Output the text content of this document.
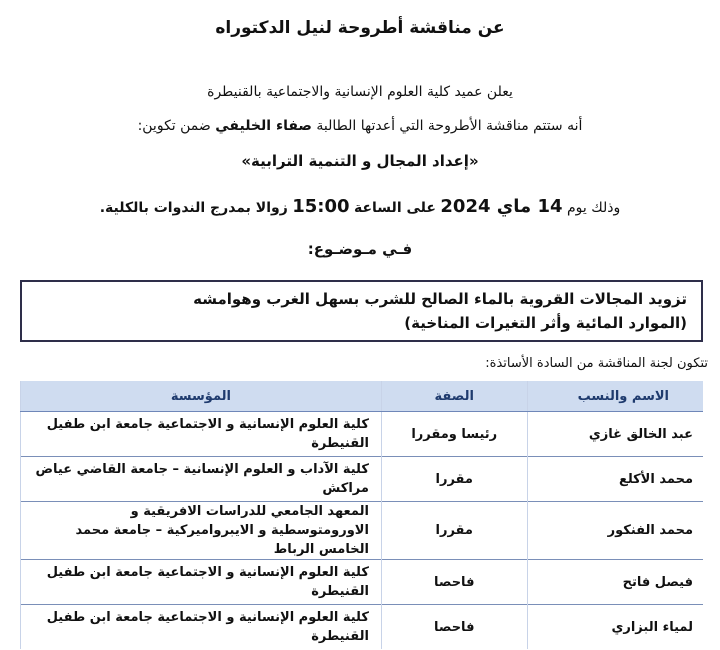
عن مناقشة أطروحة لنيل الدكتوراه
يعلن عميد كلية العلوم الإنسانية والاجتماعية بالقنيطرة
أنه ستتم مناقشة الأطروحة التي أعدتها الطالبة صفاء الخليفي ضمن تكوين:
«إعداد المجال و التنمية الترابية»
وذلك يوم 14 ماي 2024 على الساعة 15:00 زوالا بمدرج الندوات بالكلية.
فـي مـوضـوع:
تزويد المجالات القروية بالماء الصالح للشرب بسهل الغرب وهوامشه
(الموارد المائية وأثر التغيرات المناخية)
تتكون لجنة المناقشة من السادة الأساتذة:
الاسم والنسب	الصفة	المؤسسة
عبد الخالق غازي	رئيسا ومقررا	كلية العلوم الإنسانية و الاجتماعية جامعة ابن طفيل القنيطرة
محمد الأكلع	مقررا	كلية الآداب و العلوم الإنسانية – جامعة القاضي عياض مراكش
محمد الفنكور	مقررا	المعهد الجامعي للدراسات الافريقية و الاورومتوسطية و الايبرواميركية – جامعة محمد الخامس الرباط
فيصل فاتح	فاحصا	كلية العلوم الإنسانية و الاجتماعية جامعة ابن طفيل القنيطرة
لمياء البزاري	فاحصا	كلية العلوم الإنسانية و الاجتماعية جامعة ابن طفيل القنيطرة
